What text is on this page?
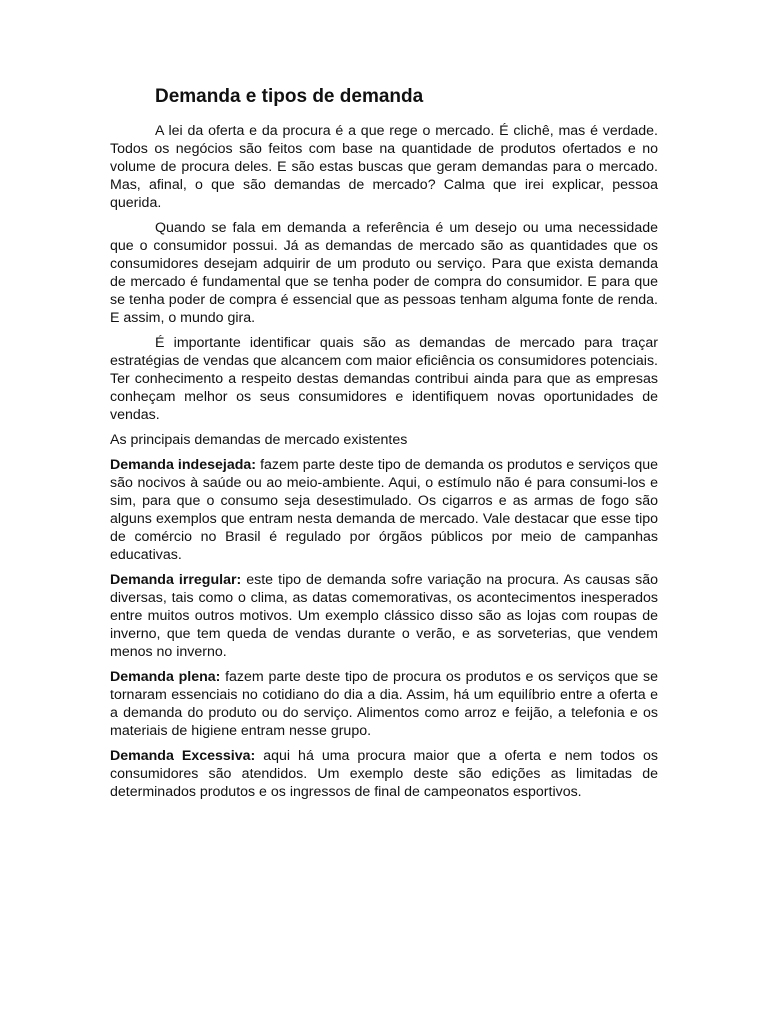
Demanda e tipos de demanda

A lei da oferta e da procura é a que rege o mercado. É clichê, mas é verdade. Todos os negócios são feitos com base na quantidade de produtos ofertados e no volume de procura deles. E são estas buscas que geram demandas para o mercado. Mas, afinal, o que são demandas de mercado? Calma que irei explicar, pessoa querida.

Quando se fala em demanda a referência é um desejo ou uma necessidade que o consumidor possui. Já as demandas de mercado são as quantidades que os consumidores desejam adquirir de um produto ou serviço. Para que exista demanda de mercado é fundamental que se tenha poder de compra do consumidor. E para que se tenha poder de compra é essencial que as pessoas tenham alguma fonte de renda. E assim, o mundo gira.

É importante identificar quais são as demandas de mercado para traçar estratégias de vendas que alcancem com maior eficiência os consumidores potenciais. Ter conhecimento a respeito destas demandas contribui ainda para que as empresas conheçam melhor os seus consumidores e identifiquem novas oportunidades de vendas.

As principais demandas de mercado existentes

Demanda indesejada: fazem parte deste tipo de demanda os produtos e serviços que são nocivos à saúde ou ao meio-ambiente. Aqui, o estímulo não é para consumi-los e sim, para que o consumo seja desestimulado. Os cigarros e as armas de fogo são alguns exemplos que entram nesta demanda de mercado. Vale destacar que esse tipo de comércio no Brasil é regulado por órgãos públicos por meio de campanhas educativas.

Demanda irregular: este tipo de demanda sofre variação na procura. As causas são diversas, tais como o clima, as datas comemorativas, os acontecimentos inesperados entre muitos outros motivos. Um exemplo clássico disso são as lojas com roupas de inverno, que tem queda de vendas durante o verão, e as sorveterias, que vendem menos no inverno.

Demanda plena: fazem parte deste tipo de procura os produtos e os serviços que se tornaram essenciais no cotidiano do dia a dia. Assim, há um equilíbrio entre a oferta e a demanda do produto ou do serviço. Alimentos como arroz e feijão, a telefonia e os materiais de higiene entram nesse grupo.

Demanda Excessiva: aqui há uma procura maior que a oferta e nem todos os consumidores são atendidos. Um exemplo deste são edições as limitadas de determinados produtos e os ingressos de final de campeonatos esportivos.
